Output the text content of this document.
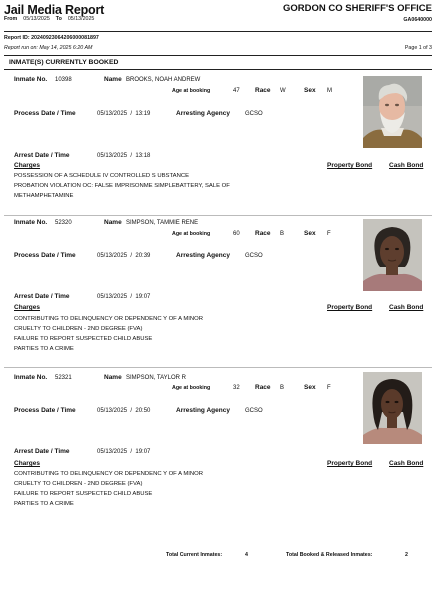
Jail Media Report	GORDON CO SHERIFF'S OFFICE
From 05/13/2025 To 05/13/2025	GA0640000
Report ID: 20240923064206000081897
Report run on: May 14, 2025 6:20 AM	Page 1 of 3
INMATE(S) CURRENTLY BOOKED
Inmate No. 10398	Name BROOKS, NOAH ANDREW
Age at booking	47 Race W	Sex M
Process Date / Time	05/13/2025  /  13:19	Arresting Agency	GCSO
Arrest Date / Time	05/13/2025  /  13:18
Charges	Property Bond	Cash Bond
POSSESSION OF A SCHEDULE IV CONTROLLED S UBSTANCE
PROBATION VIOLATION OC: FALSE IMPRISONME SIMPLEBATTERY, SALE OF METHAMPHETAMINE
Inmate No. 52320	Name SIMPSON, TAMMIE RENE
Age at booking	60 Race B	Sex F
Process Date / Time	05/13/2025  /  20:39	Arresting Agency	GCSO
Arrest Date / Time	05/13/2025  /  19:07
Charges	Property Bond	Cash Bond
CONTRIBUTING TO DELINQUENCY OR DEPENDENC Y OF A MINOR
CRUELTY TO CHILDREN - 2ND DEGREE (FVA)
FAILURE TO REPORT SUSPECTED CHILD ABUSE
PARTIES TO A CRIME
Inmate No. 52321	Name SIMPSON, TAYLOR R
Age at booking	32 Race B	Sex F
Process Date / Time	05/13/2025  /  20:50	Arresting Agency	GCSO
Arrest Date / Time	05/13/2025  /  19:07
Charges	Property Bond	Cash Bond
CONTRIBUTING TO DELINQUENCY OR DEPENDENC Y OF A MINOR
CRUELTY TO CHILDREN - 2ND DEGREE (FVA)
FAILURE TO REPORT SUSPECTED CHILD ABUSE
PARTIES TO A CRIME
Total Current Inmates:	4	Total Booked & Released Inmates:	2
